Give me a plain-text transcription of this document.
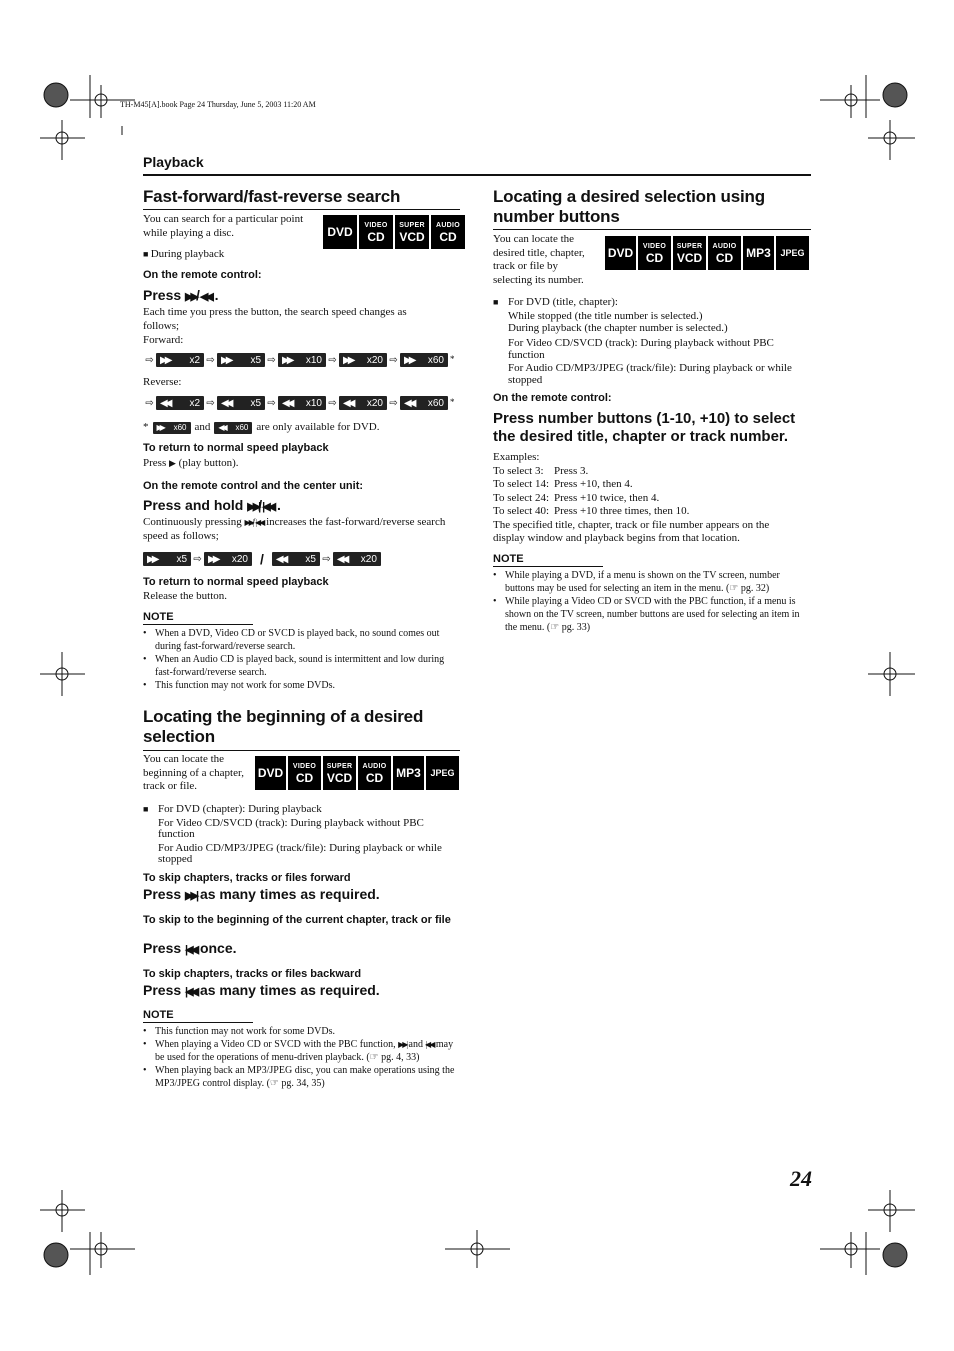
TH-M45[A].book Page 24 Thursday, June 5, 2003 11:20 AM
Playback
Fast-forward/fast-reverse search
You can search for a particular point while playing a disc.	DVD VIDEO
CD
SUPER
VCD
AUDIO
CD
■ During playback
On the remote control:
Press ▶▶/◀◀ .
Each time you press the button, the search speed changes as follows;
Forward:
⇨ ▶▶ x2 ⇨ ▶▶ x5 ⇨ ▶▶ x10 ⇨ ▶▶ x20 ⇨ ▶▶ x60 *
Reverse:
⇨ ◀◀ x2 ⇨ ◀◀ x5 ⇨ ◀◀ x10 ⇨ ◀◀ x20 ⇨ ◀◀ x60 *
* ▶▶ x60 and ◀◀ x60 are only available for DVD.
To return to normal speed playback
Press ▶ (play button).
On the remote control and the center unit:
Press and hold ▶▶|/|◀◀ .
Continuously pressing ▶▶|/|◀◀ increases the fast-forward/reverse search speed as follows;
▶▶ x5 ⇨ ▶▶ x20 / ◀◀ x5 ⇨ ◀◀ x20
To return to normal speed playback
Release the button.
NOTE
• When a DVD, Video CD or SVCD is played back, no sound comes out during fast-forward/reverse search.
• When an Audio CD is played back, sound is intermittent and low during fast-forward/reverse search.
• This function may not work for some DVDs.
Locating the beginning of a desired selection
You can locate the beginning of a chapter, track or file.
DVD VIDEO
CD
SUPER
VCD
AUDIO
CD MP3 JPEG
■ For DVD (chapter): During playback
For Video CD/SVCD (track): During playback without PBC function
For Audio CD/MP3/JPEG (track/file): During playback or while stopped
To skip chapters, tracks or files forward
Press ▶▶| as many times as required.
To skip to the beginning of the current chapter, track or file
Press |◀◀ once.
To skip chapters, tracks or files backward
Press |◀◀ as many times as required.
NOTE
• This function may not work for some DVDs.
• When playing a Video CD or SVCD with the PBC function, ▶▶| and |◀◀ may be used for the operations of menu-driven playback. (☞ pg. 4, 33)
• When playing back an MP3/JPEG disc, you can make operations using the MP3/JPEG control display. (☞ pg. 34, 35)
Locating a desired selection using number buttons
You can locate the desired title, chapter, track or file by selecting its number.
DVD VIDEO
CD
SUPER
VCD
AUDIO
CD MP3 JPEG
■ For DVD (title, chapter):
While stopped (the title number is selected.)
During playback (the chapter number is selected.)
For Video CD/SVCD (track): During playback without PBC function
For Audio CD/MP3/JPEG (track/file): During playback or while stopped
On the remote control:
Press number buttons (1-10, +10) to select the desired title, chapter or track number.
Examples:
To select 3: Press 3.
To select 14: Press +10, then 4.
To select 24: Press +10 twice, then 4.
To select 40: Press +10 three times, then 10.
The specified title, chapter, track or file number appears on the display window and playback begins from that location.
NOTE
• While playing a DVD, if a menu is shown on the TV screen, number buttons may be used for selecting an item in the menu. (☞ pg. 32)
• While playing a Video CD or SVCD with the PBC function, if a menu is shown on the TV screen, number buttons are used for selecting an item in the menu. (☞ pg. 33)
24
